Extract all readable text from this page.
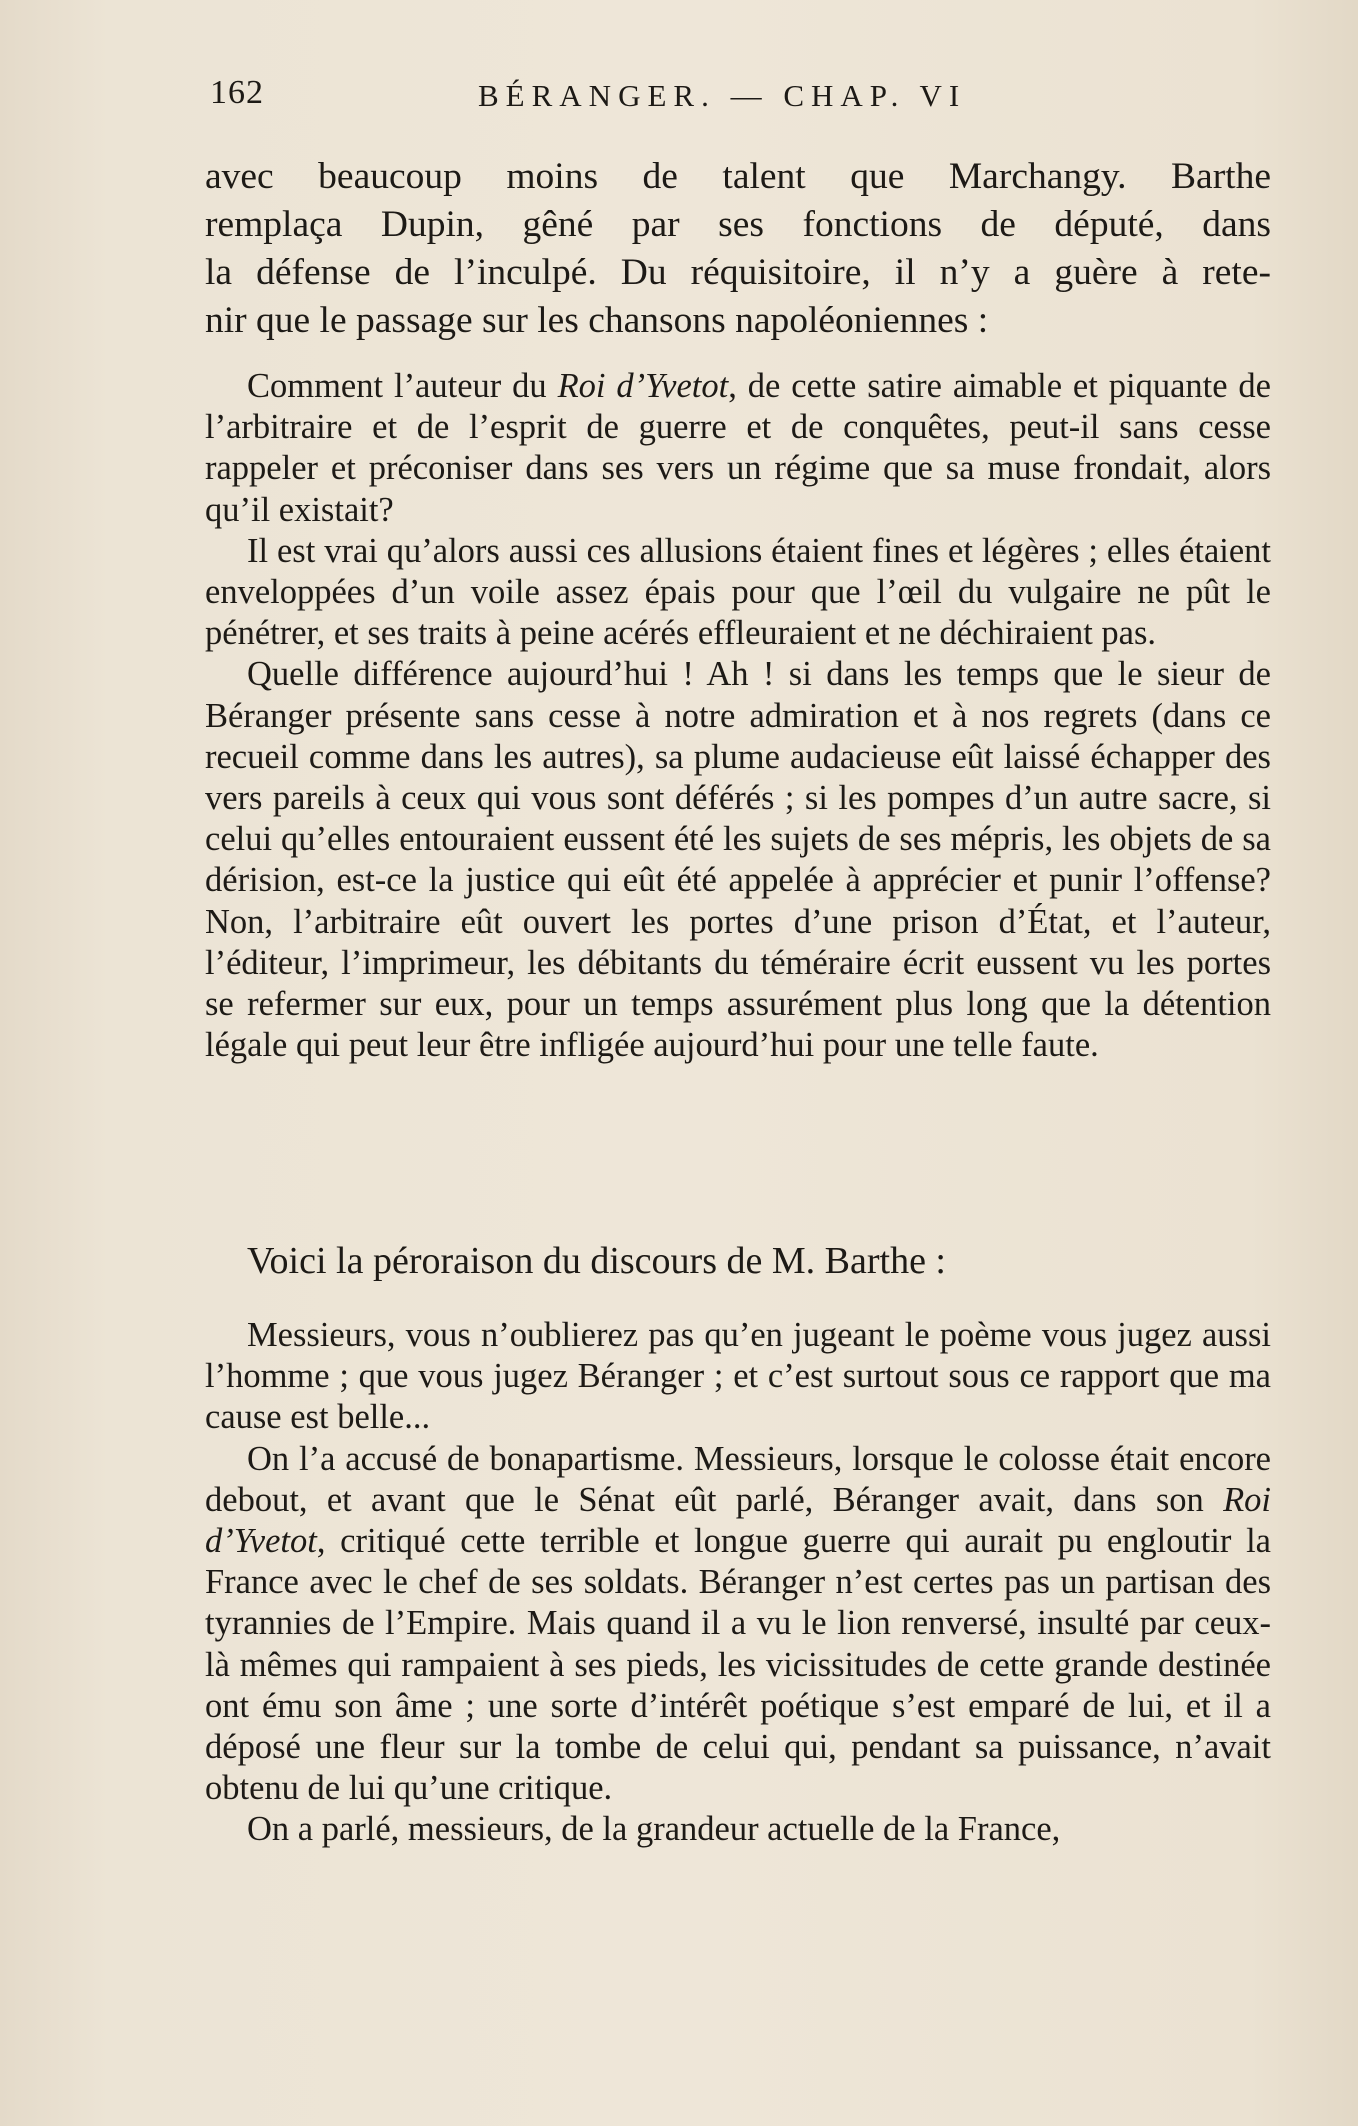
162	BÉRANGER. — CHAP. VI
avec beaucoup moins de talent que Marchangy. Barthe
remplaça Dupin, gêné par ses fonctions de député, dans
la défense de l’inculpé. Du réquisitoire, il n’y a guère à rete-
nir que le passage sur les chansons napoléoniennes :

Comment l’auteur du Roi d’Yvetot, de cette satire aimable et piquante de l’arbitraire et de l’esprit de guerre et de conquêtes, peut-il sans cesse rappeler et préconiser dans ses vers un régime que sa muse frondait, alors qu’il existait?

Il est vrai qu’alors aussi ces allusions étaient fines et légères ; elles étaient enveloppées d’un voile assez épais pour que l’œil du vulgaire ne pût le pénétrer, et ses traits à peine acérés effleuraient et ne déchiraient pas.

Quelle différence aujourd’hui ! Ah ! si dans les temps que le sieur de Béranger présente sans cesse à notre admiration et à nos regrets (dans ce recueil comme dans les autres), sa plume audacieuse eût laissé échapper des vers pareils à ceux qui vous sont déférés ; si les pompes d’un autre sacre, si celui qu’elles entouraient eussent été les sujets de ses mépris, les objets de sa dérision, est-ce la justice qui eût été appelée à apprécier et punir l’offense? Non, l’arbitraire eût ouvert les portes d’une prison d’État, et l’auteur, l’éditeur, l’imprimeur, les débitants du téméraire écrit eussent vu les portes se refermer sur eux, pour un temps assurément plus long que la détention légale qui peut leur être infligée aujourd’hui pour une telle faute.

Voici la péroraison du discours de M. Barthe :

Messieurs, vous n’oublierez pas qu’en jugeant le poème vous jugez aussi l’homme ; que vous jugez Béranger ; et c’est surtout sous ce rapport que ma cause est belle...

On l’a accusé de bonapartisme. Messieurs, lorsque le colosse était encore debout, et avant que le Sénat eût parlé, Béranger avait, dans son Roi d’Yvetot, critiqué cette terrible et longue guerre qui aurait pu engloutir la France avec le chef de ses soldats. Béranger n’est certes pas un partisan des tyrannies de l’Empire. Mais quand il a vu le lion renversé, insulté par ceux-là mêmes qui rampaient à ses pieds, les vicissitudes de cette grande destinée ont ému son âme ; une sorte d’intérêt poétique s’est emparé de lui, et il a déposé une fleur sur la tombe de celui qui, pendant sa puissance, n’avait obtenu de lui qu’une critique.

On a parlé, messieurs, de la grandeur actuelle de la France,
